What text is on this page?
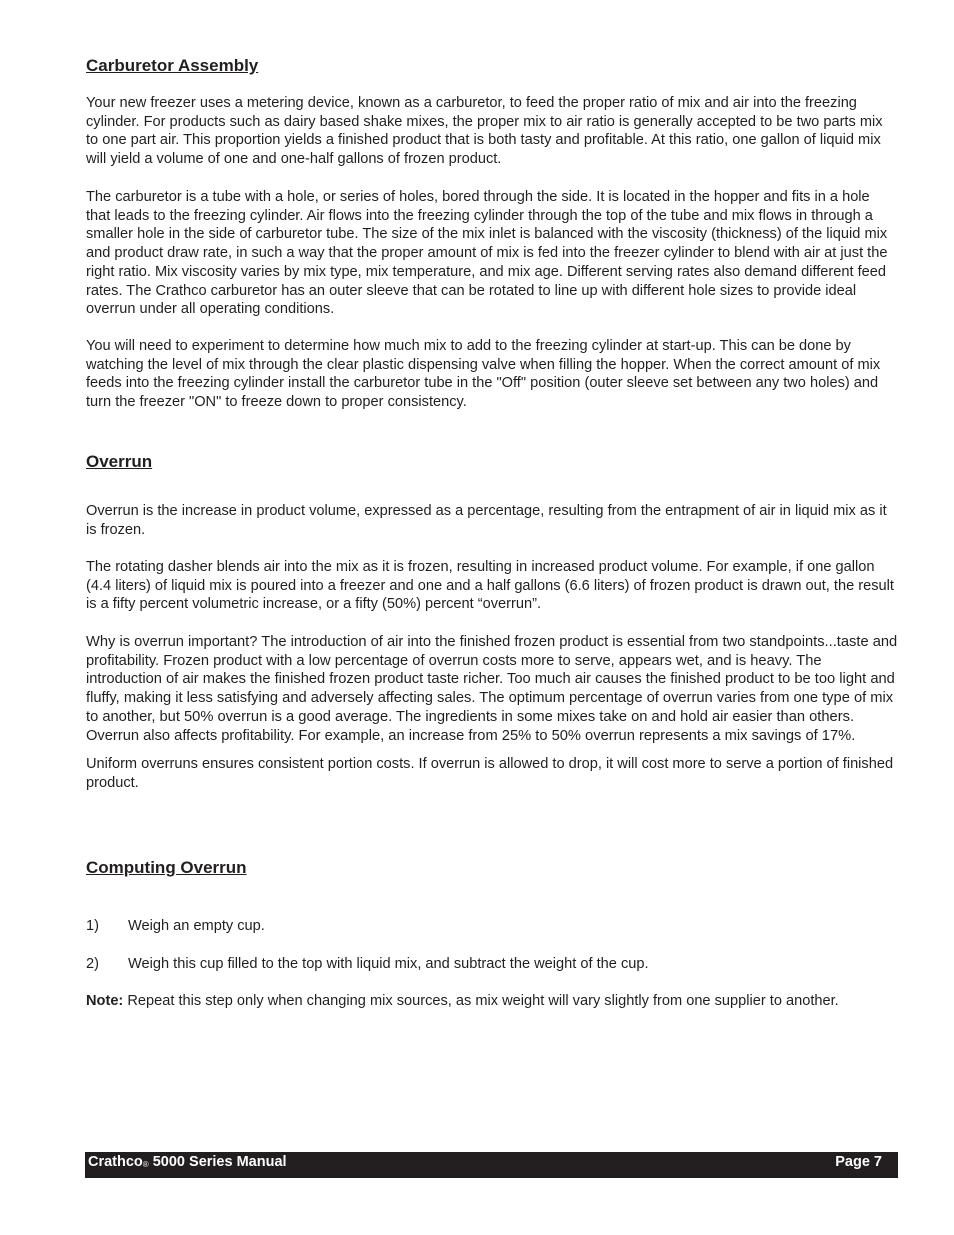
Carburetor Assembly

Your new freezer uses a metering device, known as a carburetor, to feed the proper ratio of mix and air into the freezing cylinder. For products such as dairy based shake mixes, the proper mix to air ratio is generally accepted to be two parts mix to one part air. This proportion yields a finished product that is both tasty and profitable. At this ratio, one gallon of liquid mix will yield a volume of one and one-half gallons of frozen product.

The carburetor is a tube with a hole, or series of holes, bored through the side. It is located in the hopper and fits in a hole that leads to the freezing cylinder. Air flows into the freezing cylinder through the top of the tube and mix flows in through a smaller hole in the side of carburetor tube. The size of the mix inlet is balanced with the viscosity (thickness) of the liquid mix and product draw rate, in such a way that the proper amount of mix is fed into the freezer cylinder to blend with air at just the right ratio. Mix viscosity varies by mix type, mix temperature, and mix age. Different serving rates also demand different feed rates. The Crathco carburetor has an outer sleeve that can be rotated to line up with different hole sizes to provide ideal overrun under all operating conditions.

You will need to experiment to determine how much mix to add to the freezing cylinder at start-up. This can be done by watching the level of mix through the clear plastic dispensing valve when filling the hopper. When the correct amount of mix feeds into the freezing cylinder install the carburetor tube in the "Off" position (outer sleeve set between any two holes) and turn the freezer "ON" to freeze down to proper consistency.

Overrun

Overrun is the increase in product volume, expressed as a percentage, resulting from the entrapment of air in liquid mix as it is frozen.

The rotating dasher blends air into the mix as it is frozen, resulting in increased product volume. For example, if one gallon (4.4 liters) of liquid mix is poured into a freezer and one and a half gallons (6.6 liters) of frozen product is drawn out, the result is a fifty percent volumetric increase, or a fifty (50%) percent “overrun”.

Why is overrun important? The introduction of air into the finished frozen product is essential from two standpoints...taste and profitability. Frozen product with a low percentage of overrun costs more to serve, appears wet, and is heavy. The introduction of air makes the finished frozen product taste richer. Too much air causes the finished product to be too light and fluffy, making it less satisfying and adversely affecting sales. The optimum percentage of overrun varies from one type of mix to another, but 50% overrun is a good average. The ingredients in some mixes take on and hold air easier than others. Overrun also affects profitability. For example, an increase from 25% to 50% overrun represents a mix savings of 17%.

Uniform overruns ensures consistent portion costs. If overrun is allowed to drop, it will cost more to serve a portion of finished product.

Computing Overrun
1) Weigh an empty cup.
2) Weigh this cup filled to the top with liquid mix, and subtract the weight of the cup.

Note: Repeat this step only when changing mix sources, as mix weight will vary slightly from one supplier to another.

Crathco® 5000 Series Manual	Page 7
